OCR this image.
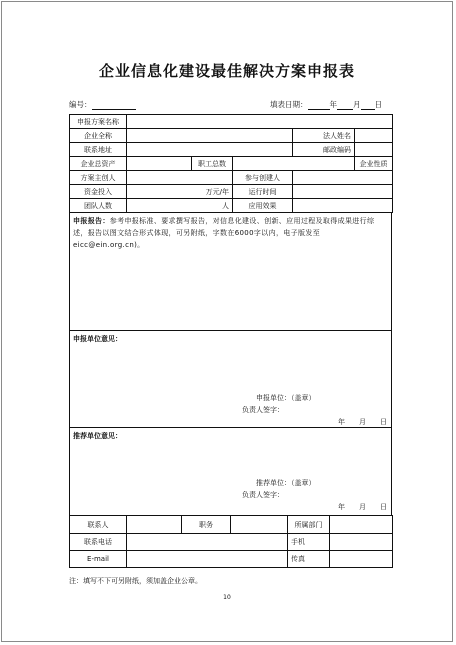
企业信息化建设最佳解决方案申报表
编号：	填表日期：	年 月 日
申报方案名称					
企业全称				法人姓名	
联系地址				邮政编码	
企业总资产		职工总数			企业性质
方案主创人			参与创建人		
资金投入	万元/年		运行时间		
团队人数	人		应用效果		
申报报告：参考申报标准、要求撰写报告，对信息化建设、创新、应用过程及取得成果进行综述，报告以图文结合形式体现，可另附纸，字数在6000字以内，电子版发至eicc@ein.org.cn)。
申报单位意见：
申报单位：（盖章）
负责人签字：
年 月 日
推荐单位意见：
推荐单位：（盖章）
负责人签字：
年 月 日
联系人		职务		所属部门	
联系电话				手机	
E-mail				传真	
注：填写不下可另附纸，须加盖企业公章。
10
